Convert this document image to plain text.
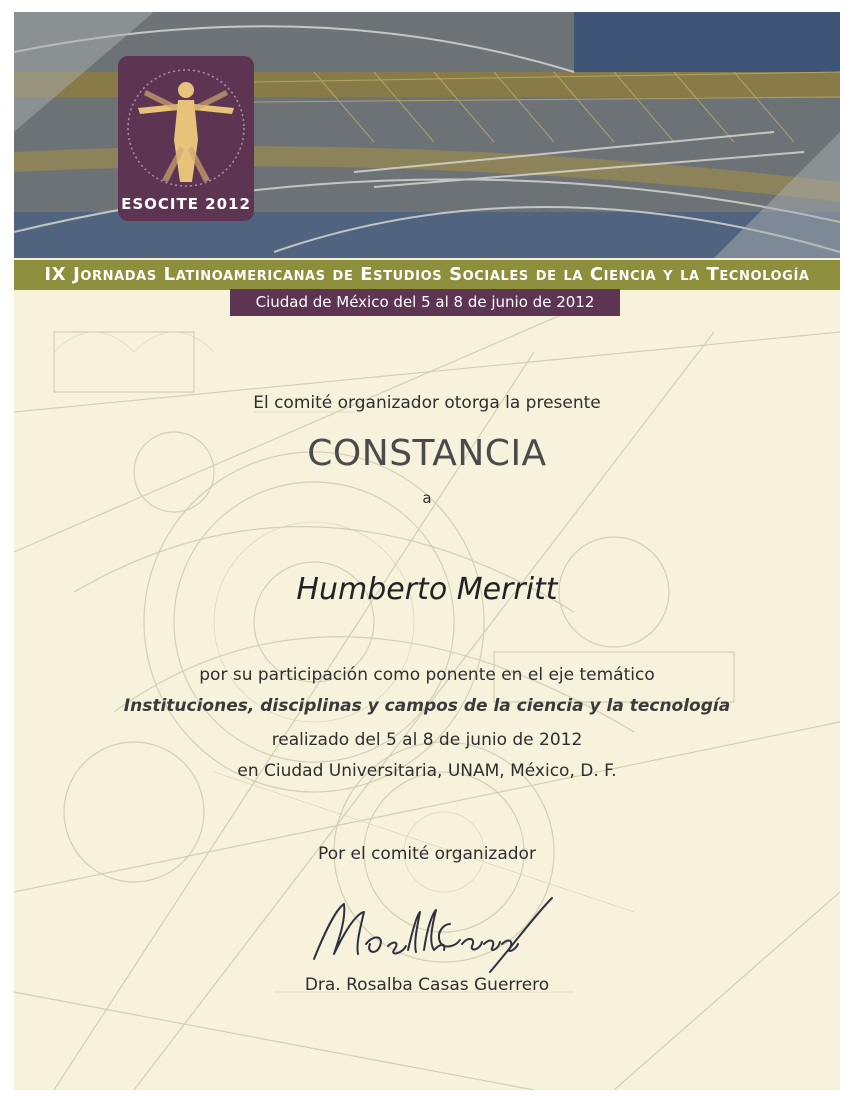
ESOCITE 2012
IX Jornadas Latinoamericanas de Estudios Sociales de la Ciencia y la Tecnología
Ciudad de México del 5 al 8 de junio de 2012
El comité organizador otorga la presente
CONSTANCIA
a
Humberto Merritt
por su participación como ponente en el eje temático
Instituciones, disciplinas y campos de la ciencia y la tecnología
realizado del 5 al 8 de junio de 2012
en Ciudad Universitaria, UNAM, México, D. F.
Por el comité organizador
Dra. Rosalba Casas Guerrero
